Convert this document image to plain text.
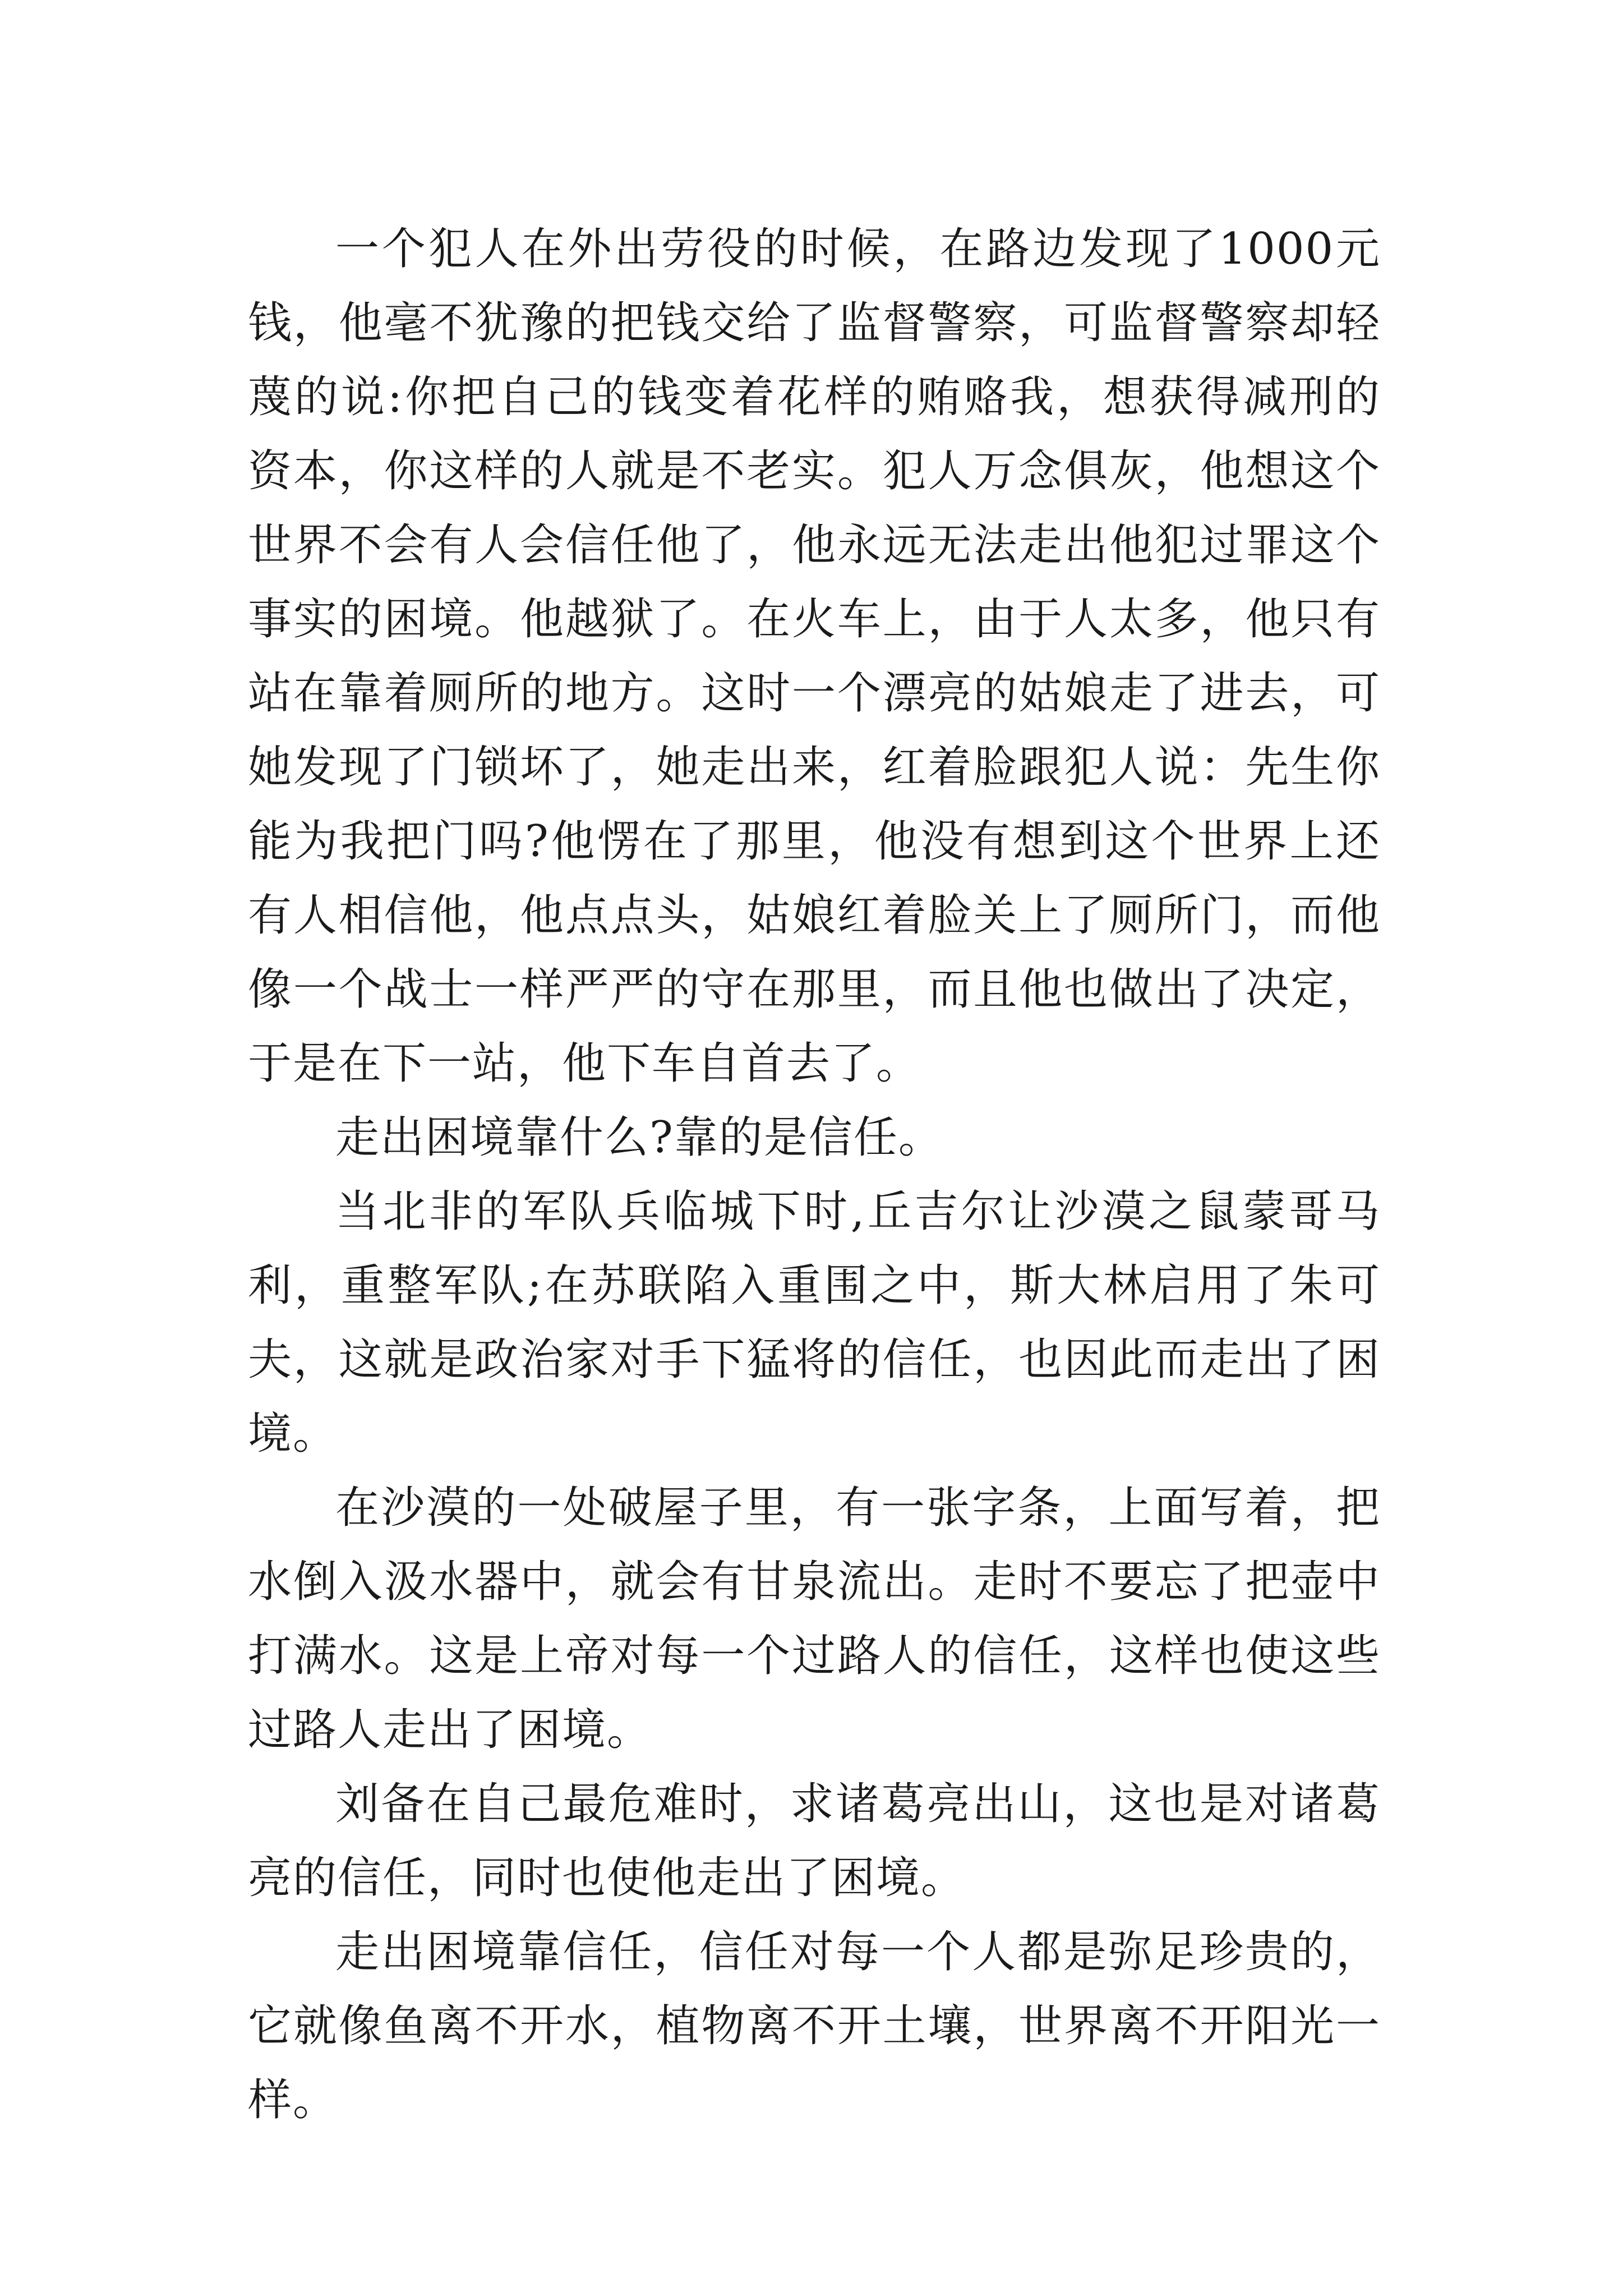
一个犯人在外出劳役的时候，在路边发现了1000元钱，他毫不犹豫的把钱交给了监督警察，可监督警察却轻蔑的说:你把自己的钱变着花样的贿赂我，想获得减刑的资本，你这样的人就是不老实。犯人万念俱灰，他想这个世界不会有人会信任他了，他永远无法走出他犯过罪这个事实的困境。他越狱了。在火车上，由于人太多，他只有站在靠着厕所的地方。这时一个漂亮的姑娘走了进去，可她发现了门锁坏了，她走出来，红着脸跟犯人说：先生你能为我把门吗?他愣在了那里，他没有想到这个世界上还有人相信他，他点点头，姑娘红着脸关上了厕所门，而他像一个战士一样严严的守在那里，而且他也做出了决定，于是在下一站，他下车自首去了。

走出困境靠什么?靠的是信任。

当北非的军队兵临城下时,丘吉尔让沙漠之鼠蒙哥马利，重整军队;在苏联陷入重围之中，斯大林启用了朱可夫，这就是政治家对手下猛将的信任，也因此而走出了困境。

在沙漠的一处破屋子里，有一张字条，上面写着，把水倒入汲水器中，就会有甘泉流出。走时不要忘了把壶中打满水。这是上帝对每一个过路人的信任，这样也使这些过路人走出了困境。

刘备在自己最危难时，求诸葛亮出山，这也是对诸葛亮的信任，同时也使他走出了困境。

走出困境靠信任，信任对每一个人都是弥足珍贵的，它就像鱼离不开水，植物离不开土壤，世界离不开阳光一样。
